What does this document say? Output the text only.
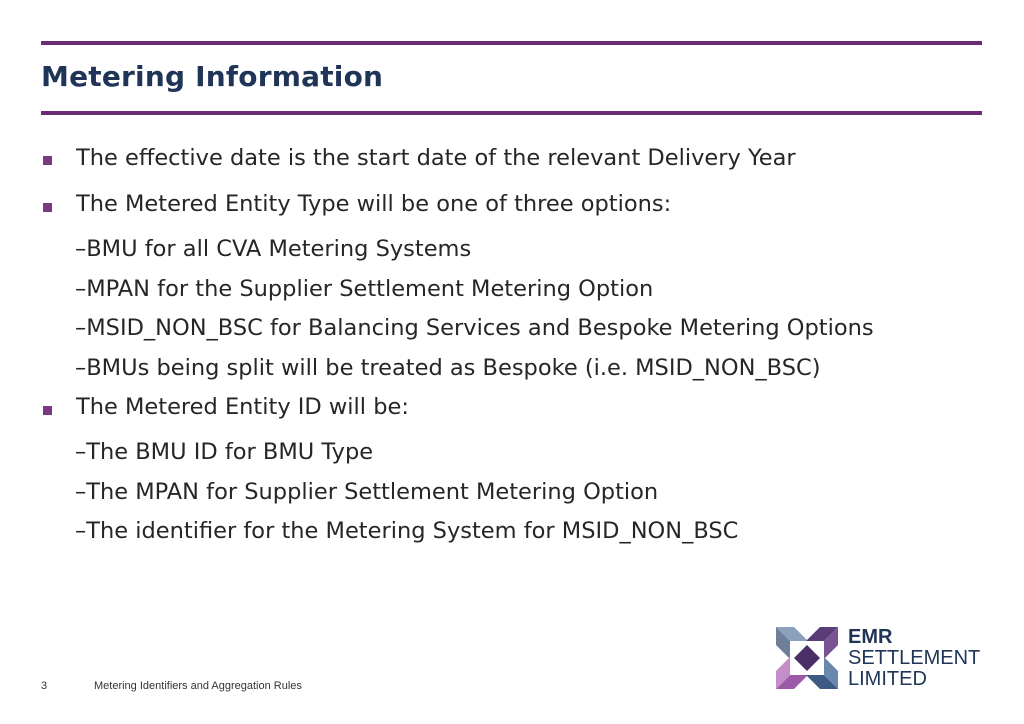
Metering Information
The effective date is the start date of the relevant Delivery Year
The Metered Entity Type will be one of three options:
–BMU for all CVA Metering Systems
–MPAN for the Supplier Settlement Metering Option
–MSID_NON_BSC for Balancing Services and Bespoke Metering Options
–BMUs being split will be treated as Bespoke (i.e. MSID_NON_BSC)
The Metered Entity ID will be:
–The BMU ID for BMU Type
–The MPAN for Supplier Settlement Metering Option
–The identifier for the Metering System for MSID_NON_BSC
EMR
SETTLEMENT
LIMITED
3	Metering Identifiers and Aggregation Rules
